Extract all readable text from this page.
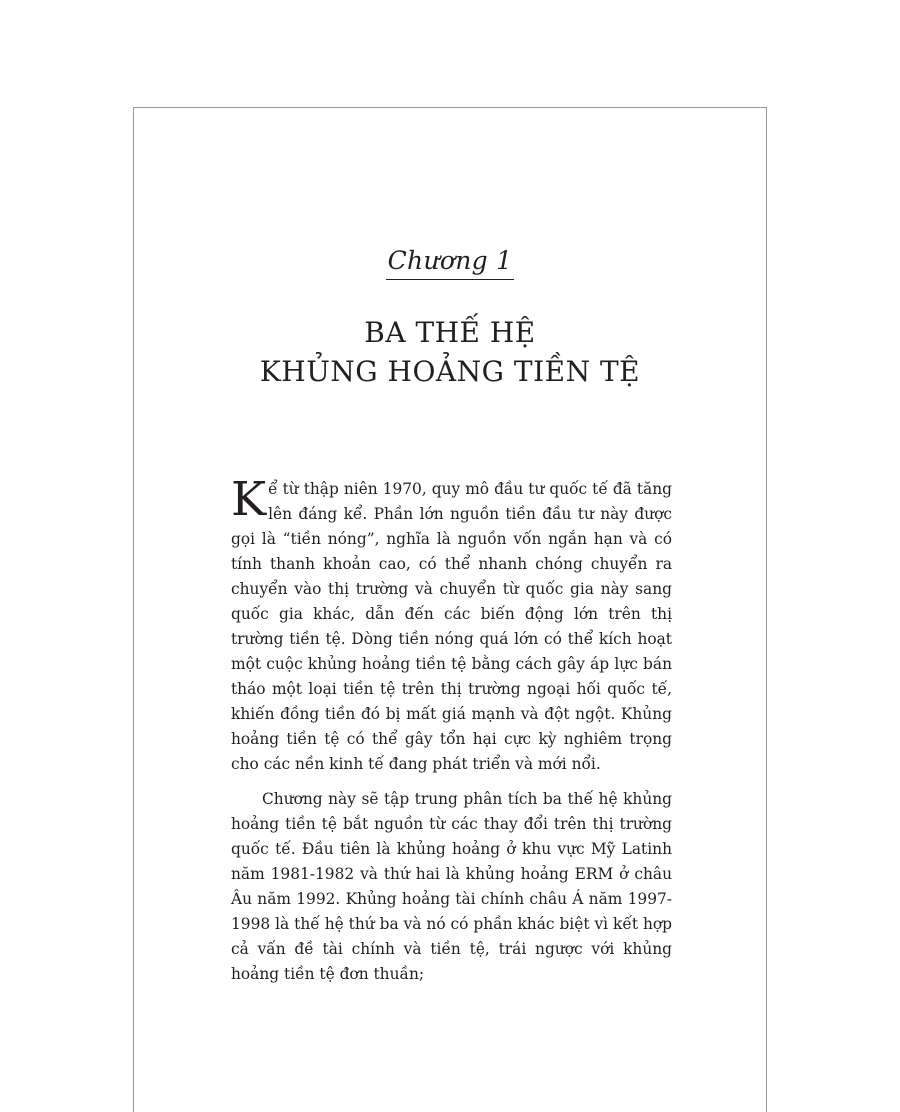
Chương 1
BA THẾ HỆ
KHỦNG HOẢNG TIỀN TỆ

Kể từ thập niên 1970, quy mô đầu tư quốc tế đã tăng lên đáng kể. Phần lớn nguồn tiền đầu tư này được gọi là “tiền nóng”, nghĩa là nguồn vốn ngắn hạn và có tính thanh khoản cao, có thể nhanh chóng chuyển ra chuyển vào thị trường và chuyển từ quốc gia này sang quốc gia khác, dẫn đến các biến động lớn trên thị trường tiền tệ. Dòng tiền nóng quá lớn có thể kích hoạt một cuộc khủng hoảng tiền tệ bằng cách gây áp lực bán tháo một loại tiền tệ trên thị trường ngoại hối quốc tế, khiến đồng tiền đó bị mất giá mạnh và đột ngột. Khủng hoảng tiền tệ có thể gây tổn hại cực kỳ nghiêm trọng cho các nền kinh tế đang phát triển và mới nổi.

Chương này sẽ tập trung phân tích ba thế hệ khủng hoảng tiền tệ bắt nguồn từ các thay đổi trên thị trường quốc tế. Đầu tiên là khủng hoảng ở khu vực Mỹ Latinh năm 1981-1982 và thứ hai là khủng hoảng ERM ở châu Âu năm 1992. Khủng hoảng tài chính châu Á năm 1997-1998 là thế hệ thứ ba và nó có phần khác biệt vì kết hợp cả vấn đề tài chính và tiền tệ, trái ngược với khủng hoảng tiền tệ đơn thuần;
